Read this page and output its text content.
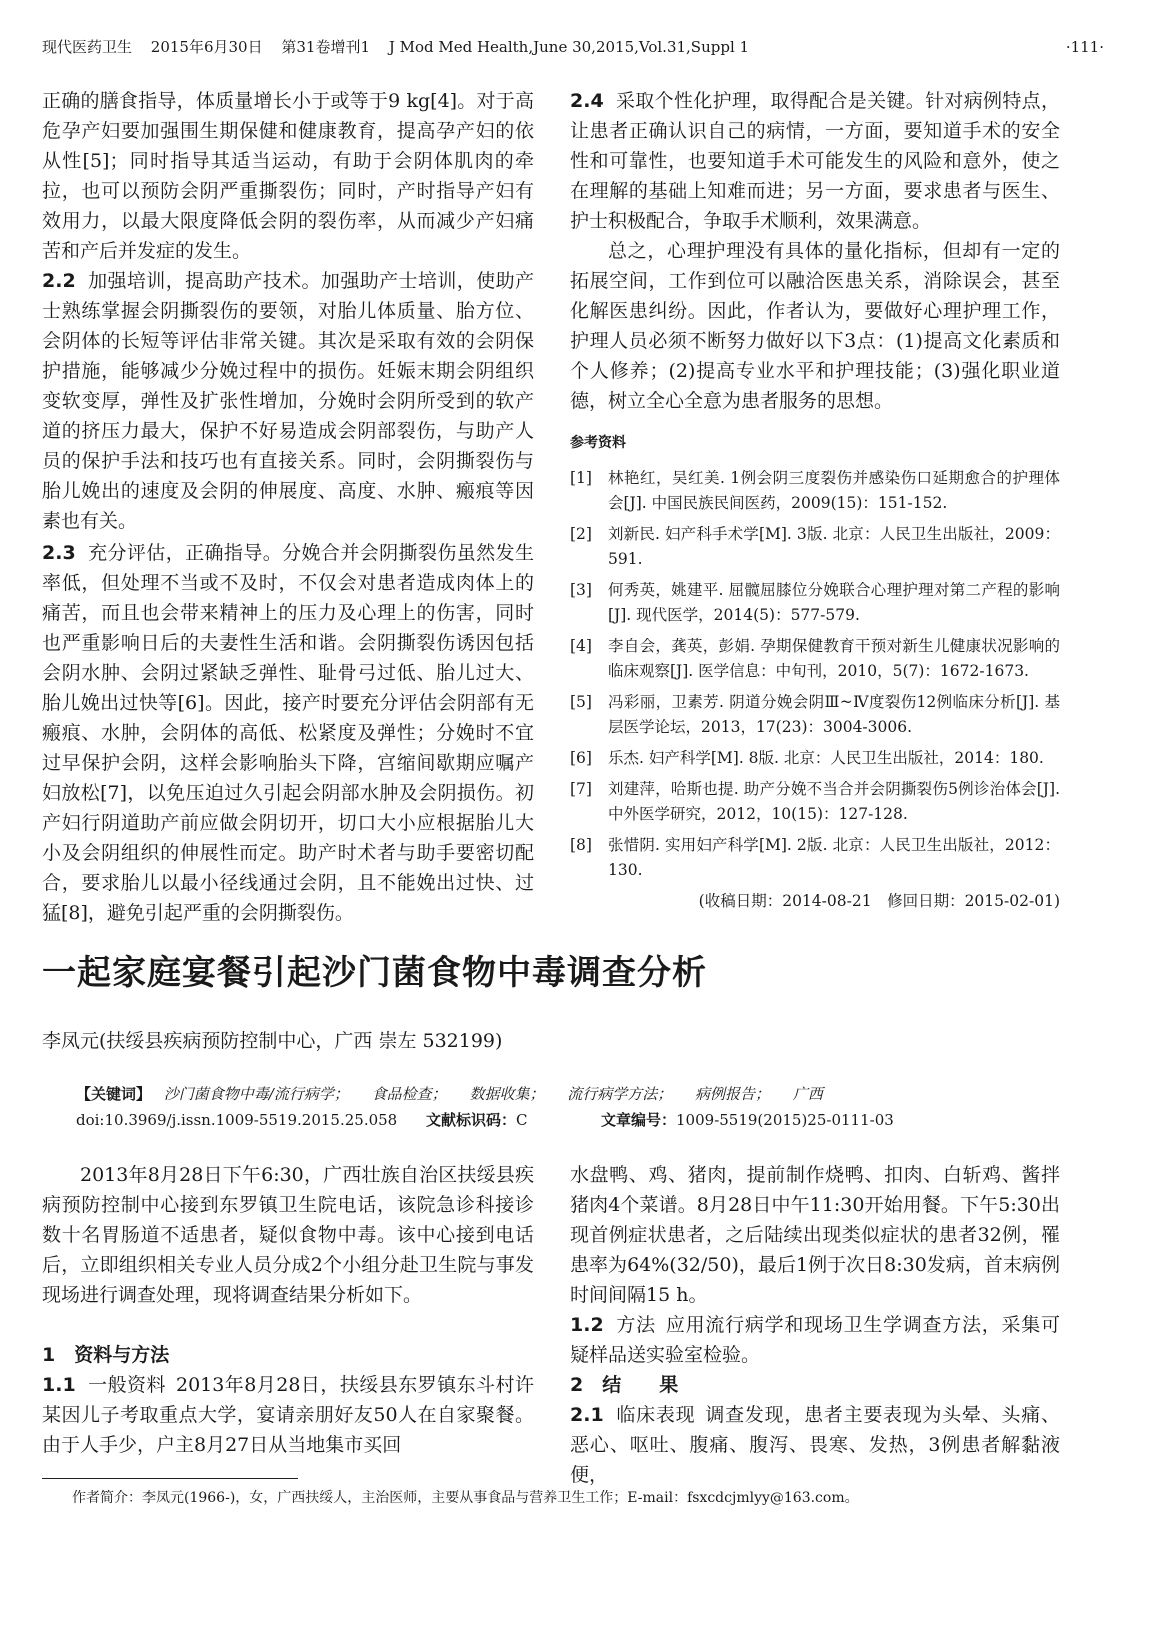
现代医药卫生 2015年6月30日 第31卷增刊1 J Mod Med Health,June 30,2015,Vol.31,Suppl 1	·111·

正确的膳食指导，体质量增长小于或等于9 kg[4]。对于高危孕产妇要加强围生期保健和健康教育，提高孕产妇的依从性[5]；同时指导其适当运动，有助于会阴体肌肉的牵拉，也可以预防会阴严重撕裂伤；同时，产时指导产妇有效用力，以最大限度降低会阴的裂伤率，从而减少产妇痛苦和产后并发症的发生。

2.2 加强培训，提高助产技术。加强助产士培训，使助产士熟练掌握会阴撕裂伤的要领，对胎儿体质量、胎方位、会阴体的长短等评估非常关键。其次是采取有效的会阴保护措施，能够减少分娩过程中的损伤。妊娠末期会阴组织变软变厚，弹性及扩张性增加，分娩时会阴所受到的软产道的挤压力最大，保护不好易造成会阴部裂伤，与助产人员的保护手法和技巧也有直接关系。同时，会阴撕裂伤与胎儿娩出的速度及会阴的伸展度、高度、水肿、瘢痕等因素也有关。

2.3 充分评估，正确指导。分娩合并会阴撕裂伤虽然发生率低，但处理不当或不及时，不仅会对患者造成肉体上的痛苦，而且也会带来精神上的压力及心理上的伤害，同时也严重影响日后的夫妻性生活和谐。会阴撕裂伤诱因包括会阴水肿、会阴过紧缺乏弹性、耻骨弓过低、胎儿过大、胎儿娩出过快等[6]。因此，接产时要充分评估会阴部有无瘢痕、水肿，会阴体的高低、松紧度及弹性；分娩时不宜过早保护会阴，这样会影响胎头下降，宫缩间歇期应嘱产妇放松[7]，以免压迫过久引起会阴部水肿及会阴损伤。初产妇行阴道助产前应做会阴切开，切口大小应根据胎儿大小及会阴组织的伸展性而定。助产时术者与助手要密切配合，要求胎儿以最小径线通过会阴，且不能娩出过快、过猛[8]，避免引起严重的会阴撕裂伤。

2.4 采取个性化护理，取得配合是关键。针对病例特点，让患者正确认识自己的病情，一方面，要知道手术的安全性和可靠性，也要知道手术可能发生的风险和意外，使之在理解的基础上知难而进；另一方面，要求患者与医生、护士积极配合，争取手术顺利，效果满意。

总之，心理护理没有具体的量化指标，但却有一定的拓展空间，工作到位可以融洽医患关系，消除误会，甚至化解医患纠纷。因此，作者认为，要做好心理护理工作，护理人员必须不断努力做好以下3点：(1)提高文化素质和个人修养；(2)提高专业水平和护理技能；(3)强化职业道德，树立全心全意为患者服务的思想。

参考资料
[1]	林艳红，吴红美. 1例会阴三度裂伤并感染伤口延期愈合的护理体会[J]. 中国民族民间医药，2009(15)：151-152.
[2]	刘新民. 妇产科手术学[M]. 3版. 北京：人民卫生出版社，2009：591.
[3]	何秀英，姚建平. 屈髋屈膝位分娩联合心理护理对第二产程的影响[J]. 现代医学，2014(5)：577-579.
[4]	李自会，龚英，彭娟. 孕期保健教育干预对新生儿健康状况影响的临床观察[J]. 医学信息：中旬刊，2010，5(7)：1672-1673.
[5]	冯彩丽，卫素芳. 阴道分娩会阴Ⅲ~Ⅳ度裂伤12例临床分析[J]. 基层医学论坛，2013，17(23)：3004-3006.
[6]	乐杰. 妇产科学[M]. 8版. 北京：人民卫生出版社，2014：180.
[7]	刘建萍，哈斯也提. 助产分娩不当合并会阴撕裂伤5例诊治体会[J]. 中外医学研究，2012，10(15)：127-128.
[8]	张惜阴. 实用妇产科学[M]. 2版. 北京：人民卫生出版社，2012：130.
(收稿日期：2014-08-21　修回日期：2015-02-01)
一起家庭宴餐引起沙门菌食物中毒调查分析
李凤元(扶绥县疾病预防控制中心，广西 崇左 532199)
【关键词】 沙门菌食物中毒/流行病学； 食品检查； 数据收集； 流行病学方法； 病例报告； 广西
doi:10.3969/j.issn.1009-5519.2015.25.058	文献标识码：C	文章编号：1009-5519(2015)25-0111-03

2013年8月28日下午6:30，广西壮族自治区扶绥县疾病预防控制中心接到东罗镇卫生院电话，该院急诊科接诊数十名胃肠道不适患者，疑似食物中毒。该中心接到电话后，立即组织相关专业人员分成2个小组分赴卫生院与事发现场进行调查处理，现将调查结果分析如下。

1　资料与方法

1.1 一般资料 2013年8月28日，扶绥县东罗镇东斗村许某因儿子考取重点大学，宴请亲朋好友50人在自家聚餐。由于人手少，户主8月27日从当地集市买回

水盘鸭、鸡、猪肉，提前制作烧鸭、扣肉、白斩鸡、酱拌猪肉4个菜谱。8月28日中午11:30开始用餐。下午5:30出现首例症状患者，之后陆续出现类似症状的患者32例，罹患率为64%(32/50)，最后1例于次日8:30发病，首末病例时间间隔15 h。

1.2 方法 应用流行病学和现场卫生学调查方法，采集可疑样品送实验室检验。

2　结　　果

2.1 临床表现 调查发现，患者主要表现为头晕、头痛、恶心、呕吐、腹痛、腹泻、畏寒、发热，3例患者解黏液便，

作者简介：李凤元(1966-)，女，广西扶绥人，主治医师，主要从事食品与营养卫生工作；E-mail：fsxcdcjmlyy@163.com。
